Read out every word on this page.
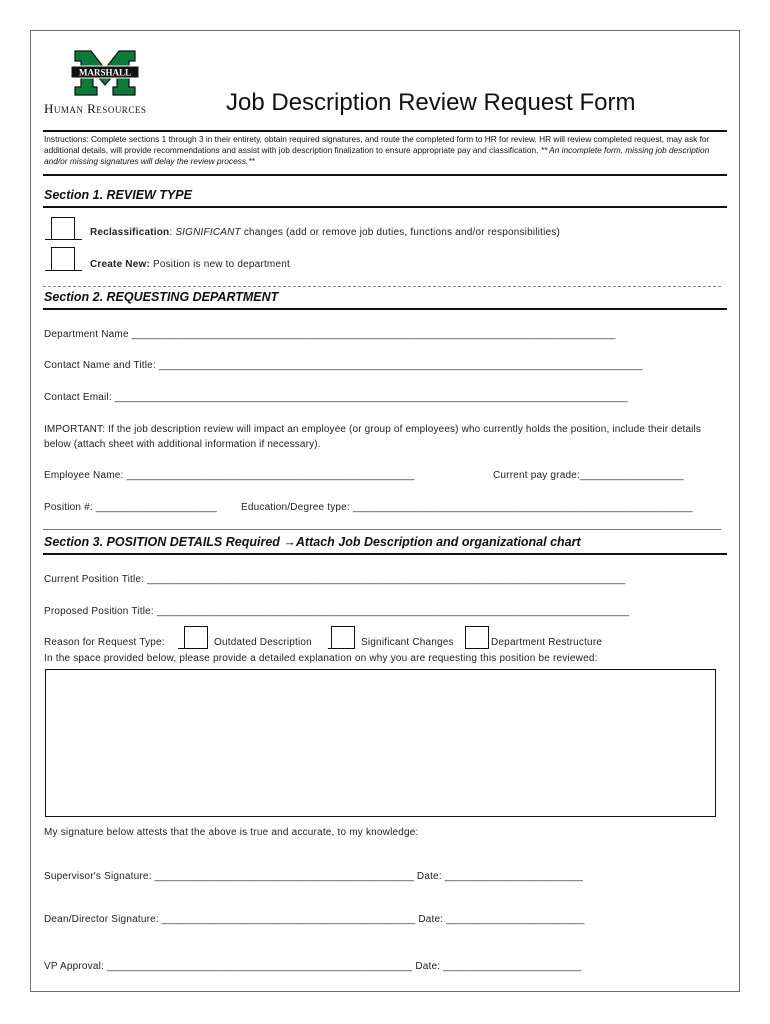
MARSHALL
Human Resources	Job Description Review Request Form
Instructions: Complete sections 1 through 3 in their entirety, obtain required signatures, and route the completed form to HR for review. HR will review completed request, may ask for additional details, will provide recommendations and assist with job description finalization to ensure appropriate pay and classification. ** An incomplete form, missing job description and/or missing signatures will delay the review process.**
Section 1. REVIEW TYPE
Reclassification: SIGNIFICANT changes (add or remove job duties, functions and/or responsibilities)
Create New: Position is new to department
Section 2. REQUESTING DEPARTMENT
Department Name ____________________________________________________________________________________
Contact Name and Title: ____________________________________________________________________________________
Contact Email: _________________________________________________________________________________________
IMPORTANT: If the job description review will impact an employee (or group of employees) who currently holds the position, include their details below (attach sheet with additional information if necessary).
Employee Name: __________________________________________________	Current pay grade:__________________
Position #: _____________________ Education/Degree type: ___________________________________________________________
Section 3. POSITION DETAILS Required →Attach Job Description and organizational chart
Current Position Title: ___________________________________________________________________________________
Proposed Position Title: __________________________________________________________________________________
Reason for Request Type:	Outdated Description	Significant Changes	Department Restructure
In the space provided below, please provide a detailed explanation on why you are requesting this position be reviewed:
My signature below attests that the above is true and accurate, to my knowledge:
Supervisor's Signature: _____________________________________________ Date: ________________________
Dean/Director Signature: ____________________________________________ Date: ________________________
VP Approval: _____________________________________________________ Date: ________________________
